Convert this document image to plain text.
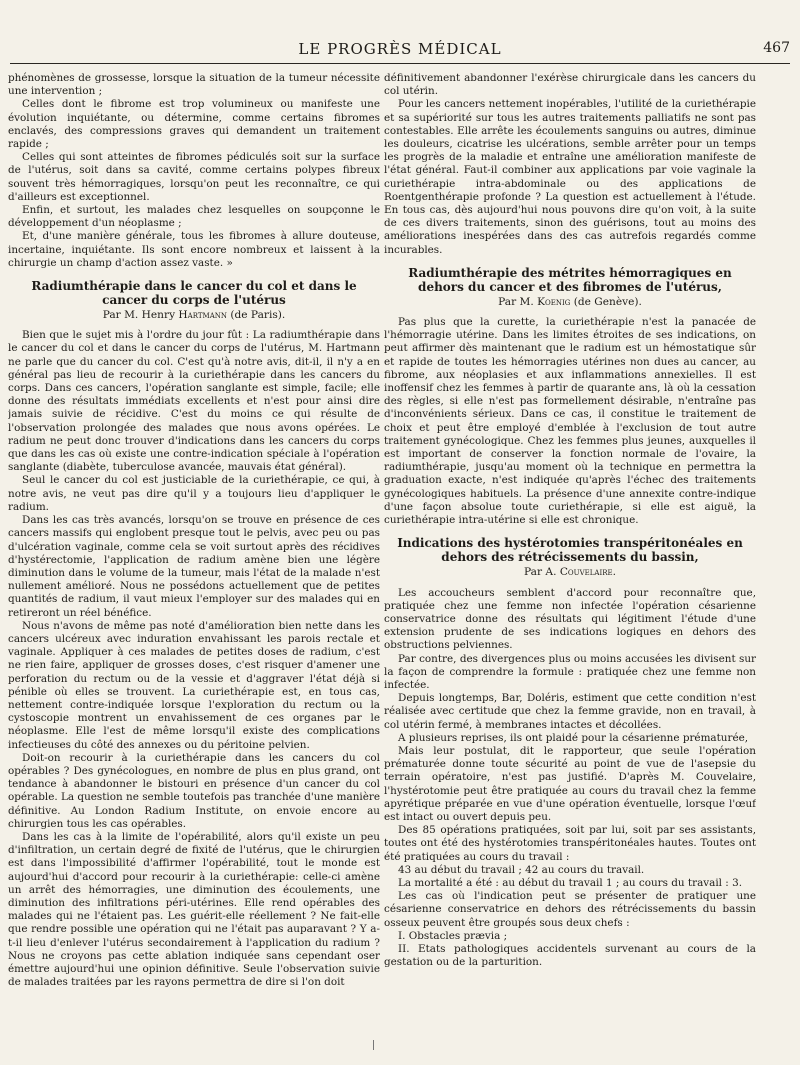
LE PROGRÈS MÉDICAL	467

phénomènes de grossesse, lorsque la situation de la tumeur nécessite une intervention ;

Celles dont le fibrome est trop volumineux ou manifeste une évolution inquiétante, ou détermine, comme certains fibromes enclavés, des compressions graves qui demandent un traitement rapide ;

Celles qui sont atteintes de fibromes pédiculés soit sur la surface de l'utérus, soit dans sa cavité, comme certains polypes fibreux souvent très hémorragiques, lorsqu'on peut les reconnaître, ce qui d'ailleurs est exceptionnel.

Enfin, et surtout, les malades chez lesquelles on soupçonne le développement d'un néoplasme ;

Et, d'une manière générale, tous les fibromes à allure douteuse, incertaine, inquiétante. Ils sont encore nombreux et laissent à la chirurgie un champ d'action assez vaste. »

Radiumthérapie dans le cancer du col et dans le cancer du corps de l'utérus
Par M. Henry Hartmann (de Paris).

Bien que le sujet mis à l'ordre du jour fût : La radiumthérapie dans le cancer du col et dans le cancer du corps de l'utérus, M. Hartmann ne parle que du cancer du col. C'est qu'à notre avis, dit-il, il n'y a en général pas lieu de recourir à la curiethérapie dans les cancers du corps. Dans ces cancers, l'opération sanglante est simple, facile; elle donne des résultats immédiats excellents et n'est pour ainsi dire jamais suivie de récidive. C'est du moins ce qui résulte de l'observation prolongée des malades que nous avons opérées. Le radium ne peut donc trouver d'indications dans les cancers du corps que dans les cas où existe une contre-indication spéciale à l'opération sanglante (diabète, tuberculose avancée, mauvais état général).

Seul le cancer du col est justiciable de la curiethérapie, ce qui, à notre avis, ne veut pas dire qu'il y a toujours lieu d'appliquer le radium.

Dans les cas très avancés, lorsqu'on se trouve en présence de ces cancers massifs qui englobent presque tout le pelvis, avec peu ou pas d'ulcération vaginale, comme cela se voit surtout après des récidives d'hystérectomie, l'application de radium amène bien une légère diminution dans le volume de la tumeur, mais l'état de la malade n'est nullement amélioré. Nous ne possédons actuellement que de petites quantités de radium, il vaut mieux l'employer sur des malades qui en retireront un réel bénéfice.

Nous n'avons de même pas noté d'amélioration bien nette dans les cancers ulcéreux avec induration envahissant les parois rectale et vaginale. Appliquer à ces malades de petites doses de radium, c'est ne rien faire, appliquer de grosses doses, c'est risquer d'amener une perforation du rectum ou de la vessie et d'aggraver l'état déjà si pénible où elles se trouvent. La curiethérapie est, en tous cas, nettement contre-indiquée lorsque l'exploration du rectum ou la cystoscopie montrent un envahissement de ces organes par le néoplasme. Elle l'est de même lorsqu'il existe des complications infectieuses du côté des annexes ou du péritoine pelvien.

Doit-on recourir à la curiethérapie dans les cancers du col opérables ? Des gynécologues, en nombre de plus en plus grand, ont tendance à abandonner le bistouri en présence d'un cancer du col opérable. La question ne semble toutefois pas tranchée d'une manière définitive. Au London Radium Institute, on envoie encore au chirurgien tous les cas opérables.

Dans les cas à la limite de l'opérabilité, alors qu'il existe un peu d'infiltration, un certain degré de fixité de l'utérus, que le chirurgien est dans l'impossibilité d'affirmer l'opérabilité, tout le monde est aujourd'hui d'accord pour recourir à la curiethérapie: celle-ci amène un arrêt des hémorragies, une diminution des écoulements, une diminution des infiltrations péri-utérines. Elle rend opérables des malades qui ne l'étaient pas. Les guérit-elle réellement ? Ne fait-elle que rendre possible une opération qui ne l'était pas auparavant ? Y a-t-il lieu d'enlever l'utérus secondairement à l'application du radium ? Nous ne croyons pas cette ablation indiquée sans cependant oser émettre aujourd'hui une opinion définitive. Seule l'observation suivie de malades traitées par les rayons permettra de dire si l'on doit

définitivement abandonner l'exérèse chirurgicale dans les cancers du col utérin.

Pour les cancers nettement inopérables, l'utilité de la curiethérapie et sa supériorité sur tous les autres traitements palliatifs ne sont pas contestables. Elle arrête les écoulements sanguins ou autres, diminue les douleurs, cicatrise les ulcérations, semble arrêter pour un temps les progrès de la maladie et entraîne une amélioration manifeste de l'état général. Faut-il combiner aux applications par voie vaginale la curiethérapie intra-abdominale ou des applications de Roentgenthérapie profonde ? La question est actuellement à l'étude. En tous cas, dès aujourd'hui nous pouvons dire qu'on voit, à la suite de ces divers traitements, sinon des guérisons, tout au moins des améliorations inespérées dans des cas autrefois regardés comme incurables.

Radiumthérapie des métrites hémorragiques en dehors du cancer et des fibromes de l'utérus,
Par M. Koenig (de Genève).

Pas plus que la curette, la curiethérapie n'est la panacée de l'hémorragie utérine. Dans les limites étroites de ses indications, on peut affirmer dès maintenant que le radium est un hémostatique sûr et rapide de toutes les hémorragies utérines non dues au cancer, au fibrome, aux néoplasies et aux inflammations annexielles. Il est inoffensif chez les femmes à partir de quarante ans, là où la cessation des règles, si elle n'est pas formellement désirable, n'entraîne pas d'inconvénients sérieux. Dans ce cas, il constitue le traitement de choix et peut être employé d'emblée à l'exclusion de tout autre traitement gynécologique. Chez les femmes plus jeunes, auxquelles il est important de conserver la fonction normale de l'ovaire, la radiumthérapie, jusqu'au moment où la technique en permettra la graduation exacte, n'est indiquée qu'après l'échec des traitements gynécologiques habituels. La présence d'une annexite contre-indique d'une façon absolue toute curiethérapie, si elle est aiguë, la curiethérapie intra-utérine si elle est chronique.

Indications des hystérotomies transpéritonéales en dehors des rétrécissements du bassin,
Par A. Couvelaire.

Les accoucheurs semblent d'accord pour reconnaître que, pratiquée chez une femme non infectée l'opération césarienne conservatrice donne des résultats qui légitiment l'étude d'une extension prudente de ses indications logiques en dehors des obstructions pelviennes.

Par contre, des divergences plus ou moins accusées les divisent sur la façon de comprendre la formule : pratiquée chez une femme non infectée.

Depuis longtemps, Bar, Doléris, estiment que cette condition n'est réalisée avec certitude que chez la femme gravide, non en travail, à col utérin fermé, à membranes intactes et décollées.

A plusieurs reprises, ils ont plaidé pour la césarienne prématurée,

Mais leur postulat, dit le rapporteur, que seule l'opération prématurée donne toute sécurité au point de vue de l'asepsie du terrain opératoire, n'est pas justifié. D'après M. Couvelaire, l'hystérotomie peut être pratiquée au cours du travail chez la femme apyrétique préparée en vue d'une opération éventuelle, lorsque l'œuf est intact ou ouvert depuis peu.

Des 85 opérations pratiquées, soit par lui, soit par ses assistants, toutes ont été des hystérotomies transpéritonéales hautes. Toutes ont été pratiquées au cours du travail :

43 au début du travail ; 42 au cours du travail.

La mortalité a été : au début du travail 1 ; au cours du travail : 3.

Les cas où l'indication peut se présenter de pratiquer une césarienne conservatrice en dehors des rétrécissements du bassin osseux peuvent être groupés sous deux chefs :

I. Obstacles prævia ;

II. Etats pathologiques accidentels survenant au cours de la gestation ou de la parturition.
